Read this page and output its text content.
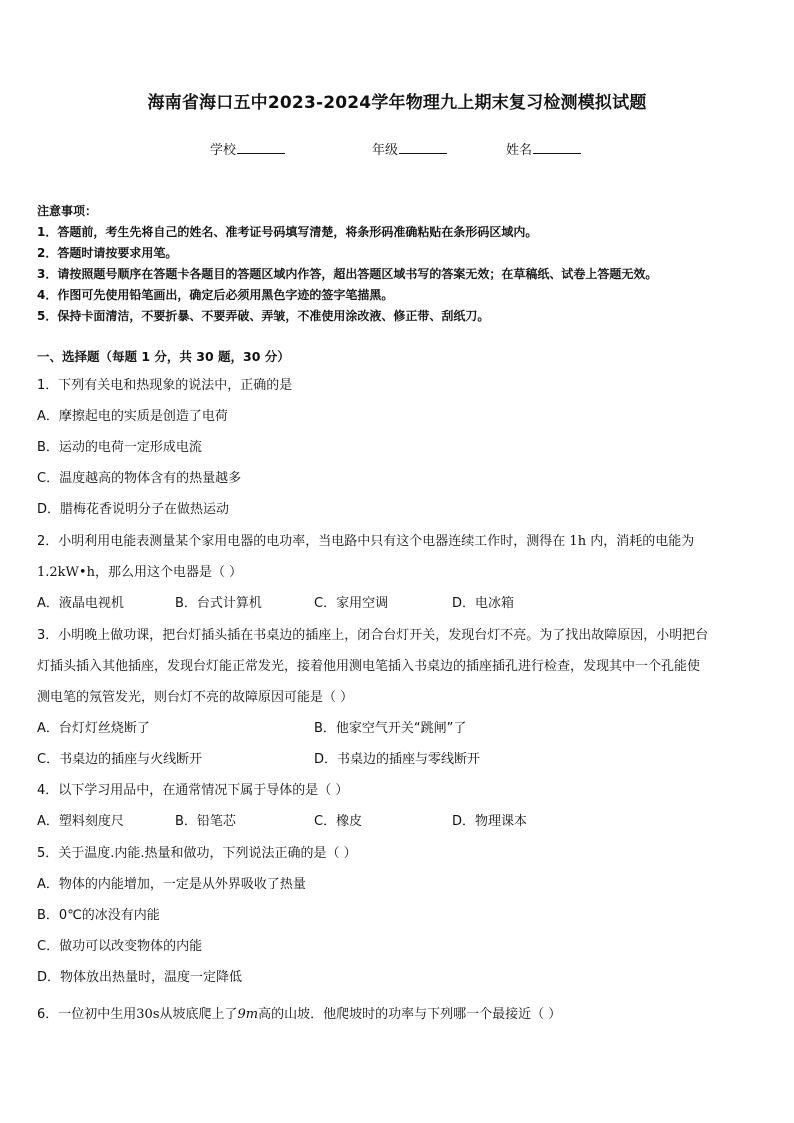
海南省海口五中2023-2024学年物理九上期末复习检测模拟试题
学校	年级	姓名
注意事项：
1．答题前，考生先将自己的姓名、准考证号码填写清楚，将条形码准确粘贴在条形码区域内。
2．答题时请按要求用笔。
3．请按照题号顺序在答题卡各题目的答题区域内作答，超出答题区域书写的答案无效；在草稿纸、试卷上答题无效。
4．作图可先使用铅笔画出，确定后必须用黑色字迹的签字笔描黑。
5．保持卡面清洁，不要折暴、不要弄破、弄皱，不准使用涂改液、修正带、刮纸刀。
一、选择题（每题 1 分，共 30 题，30 分）
1．下列有关电和热现象的说法中，正确的是
A．摩擦起电的实质是创造了电荷
B．运动的电荷一定形成电流
C．温度越高的物体含有的热量越多
D．腊梅花香说明分子在做热运动
2．小明利用电能表测量某个家用电器的电功率，当电路中只有这个电器连续工作时，测得在 1h 内，消耗的电能为
1.2kW•h，那么用这个电器是（ ）
A．液晶电视机	B．台式计算机	C．家用空调	D．电冰箱
3．小明晚上做功课，把台灯插头插在书桌边的插座上，闭合台灯开关，发现台灯不亮。为了找出故障原因，小明把台
灯插头插入其他插座，发现台灯能正常发光，接着他用测电笔插入书桌边的插座插孔进行检查，发现其中一个孔能使
测电笔的氖管发光，则台灯不亮的故障原因可能是（ ）
A．台灯灯丝烧断了	B．他家空气开关“跳闸”了
C．书桌边的插座与火线断开	D．书桌边的插座与零线断开
4．以下学习用品中，在通常情况下属于导体的是（ ）
A．塑料刻度尺	B．铅笔芯	C．橡皮	D．物理课本
5．关于温度.内能.热量和做功，下列说法正确的是（ ）
A．物体的内能增加，一定是从外界吸收了热量
B．0℃的冰没有内能
C．做功可以改变物体的内能
D．物体放出热量时，温度一定降低
6．一位初中生用30s从坡底爬上了9m高的山坡．他爬坡时的功率与下列哪一个最接近（ ）
